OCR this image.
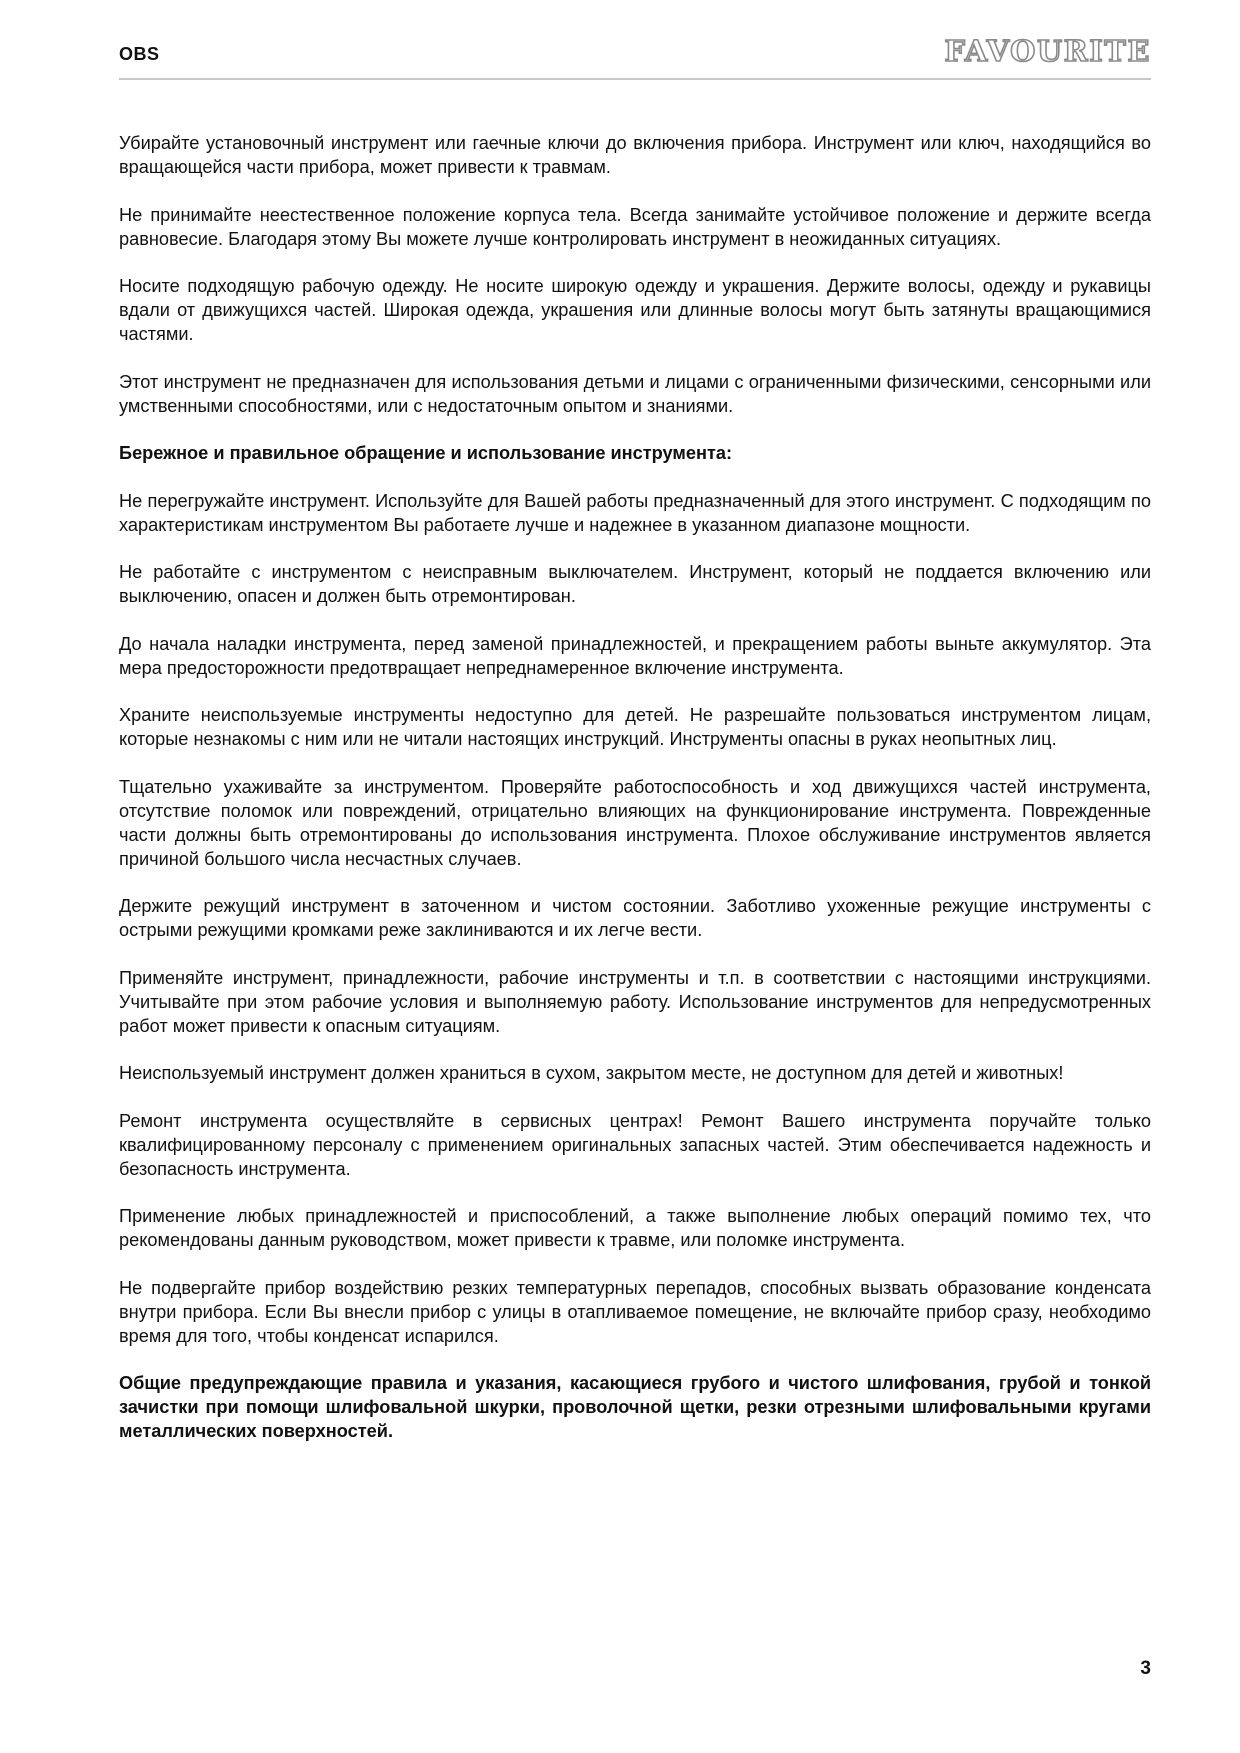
OBS	FAVOURITE

Убирайте установочный инструмент или гаечные ключи до включения прибора. Инструмент или ключ, находящийся во вращающейся части прибора, может привести к травмам.

Не принимайте неестественное положение корпуса тела. Всегда занимайте устойчивое положение и держите всегда равновесие. Благодаря этому Вы можете лучше контролировать инструмент в неожиданных ситуациях.

Носите подходящую рабочую одежду. Не носите широкую одежду и украшения. Держите волосы, одежду и рукавицы вдали от движущихся частей. Широкая одежда, украшения или длинные волосы могут быть затянуты вращающимися частями.

Этот инструмент не предназначен для использования детьми и лицами с ограниченными физическими, сенсорными или умственными способностями, или с недостаточным опытом и знаниями.

Бережное и правильное обращение и использование инструмента:

Не перегружайте инструмент. Используйте для Вашей работы предназначенный для этого инструмент. С подходящим по характеристикам инструментом Вы работаете лучше и надежнее в указанном диапазоне мощности.

Не работайте с инструментом с неисправным выключателем. Инструмент, который не поддается включению или выключению, опасен и должен быть отремонтирован.

До начала наладки инструмента, перед заменой принадлежностей, и прекращением работы выньте аккумулятор. Эта мера предосторожности предотвращает непреднамеренное включение инструмента.

Храните неиспользуемые инструменты недоступно для детей. Не разрешайте пользоваться инструментом лицам, которые незнакомы с ним или не читали настоящих инструкций. Инструменты опасны в руках неопытных лиц.

Тщательно ухаживайте за инструментом. Проверяйте работоспособность и ход движущихся частей инструмента, отсутствие поломок или повреждений, отрицательно влияющих на функционирование инструмента. Поврежденные части должны быть отремонтированы до использования инструмента. Плохое обслуживание инструментов является причиной большого числа несчастных случаев.

Держите режущий инструмент в заточенном и чистом состоянии. Заботливо ухоженные режущие инструменты с острыми режущими кромками реже заклиниваются и их легче вести.

Применяйте инструмент, принадлежности, рабочие инструменты и т.п. в соответствии с настоящими инструкциями. Учитывайте при этом рабочие условия и выполняемую работу. Использование инструментов для непредусмотренных работ может привести к опасным ситуациям.

Неиспользуемый инструмент должен храниться в сухом, закрытом месте, не доступном для детей и животных!

Ремонт инструмента осуществляйте в сервисных центрах! Ремонт Вашего инструмента поручайте только квалифицированному персоналу с применением оригинальных запасных частей. Этим обеспечивается надежность и безопасность инструмента.

Применение любых принадлежностей и приспособлений, а также выполнение любых операций помимо тех, что рекомендованы данным руководством, может привести к травме, или поломке инструмента.

Не подвергайте прибор воздействию резких температурных перепадов, способных вызвать образование конденсата внутри прибора. Если Вы внесли прибор с улицы в отапливаемое помещение, не включайте прибор сразу, необходимо время для того, чтобы конденсат испарился.

Общие предупреждающие правила и указания, касающиеся грубого и чистого шлифования, грубой и тонкой зачистки при помощи шлифовальной шкурки, проволочной щетки, резки отрезными шлифовальными кругами металлических поверхностей.

3
